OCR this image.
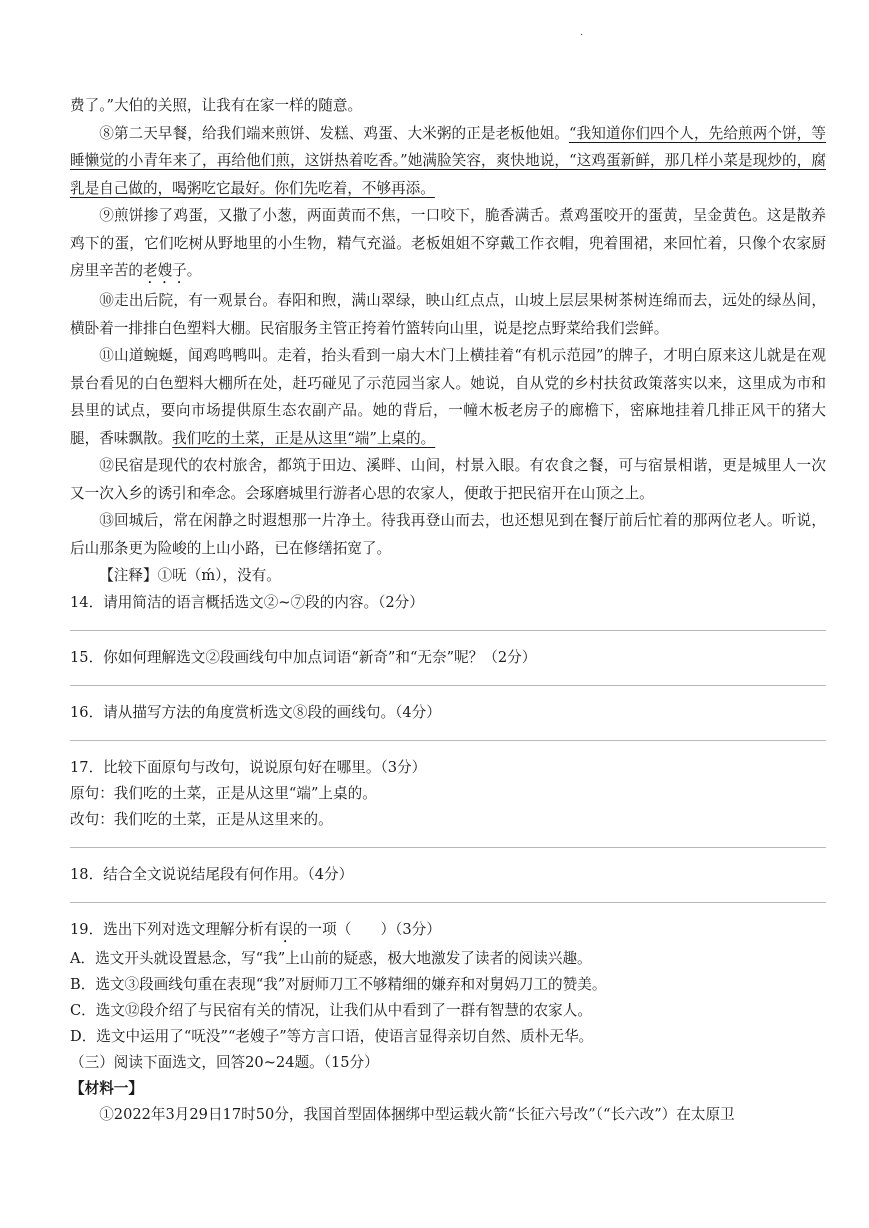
·

费了。”大伯的关照，让我有在家一样的随意。

⑧第二天早餐，给我们端来煎饼、发糕、鸡蛋、大米粥的正是老板他姐。“我知道你们四个人，先给煎两个饼，等睡懒觉的小青年来了，再给他们煎，这饼热着吃香。”她满脸笑容，爽快地说，“这鸡蛋新鲜，那几样小菜是现炒的，腐乳是自己做的，喝粥吃它最好。你们先吃着，不够再添。

⑨煎饼掺了鸡蛋，又撒了小葱，两面黄而不焦，一口咬下，脆香满舌。煮鸡蛋咬开的蛋黄，呈金黄色。这是散养鸡下的蛋，它们吃树从野地里的小生物，精气充溢。老板姐姐不穿戴工作衣帽，兜着围裙，来回忙着，只像个农家厨房里辛苦的老嫂子。

⑩走出后院，有一观景台。春阳和煦，满山翠绿，映山红点点，山坡上层层果树茶树连绵而去，远处的绿丛间，横卧着一排排白色塑料大棚。民宿服务主管正挎着竹篮转向山里，说是挖点野菜给我们尝鲜。

⑪山道蜿蜒，闻鸡鸣鸭叫。走着，抬头看到一扇大木门上横挂着“有机示范园”的牌子，才明白原来这儿就是在观景台看见的白色塑料大棚所在处，赶巧碰见了示范园当家人。她说，自从党的乡村扶贫政策落实以来，这里成为市和县里的试点，要向市场提供原生态农副产品。她的背后，一幢木板老房子的廊檐下，密麻地挂着几排正风干的猪大腿，香味飘散。我们吃的土菜，正是从这里“端”上桌的。

⑫民宿是现代的农村旅舍，都筑于田边、溪畔、山间，村景入眼。有农食之餐，可与宿景相谐，更是城里人一次又一次入乡的诱引和牵念。会琢磨城里行游者心思的农家人，便敢于把民宿开在山顶之上。

⑬回城后，常在闲静之时遐想那一片净土。待我再登山而去，也还想见到在餐厅前后忙着的那两位老人。听说，后山那条更为险峻的上山小路，已在修缮拓宽了。

【注释】①呒（ḿ），没有。

14．请用简洁的语言概括选文②~⑦段的内容。（2分）

15．你如何理解选文②段画线句中加点词语“新奇”和“无奈”呢？（2分）

16．请从描写方法的角度赏析选文⑧段的画线句。（4分）

17．比较下面原句与改句，说说原句好在哪里。（3分）

原句：我们吃的土菜，正是从这里“端”上桌的。

改句：我们吃的土菜，正是从这里来的。

18．结合全文说说结尾段有何作用。（4分）

19．选出下列对选文理解分析有误的一项（　　）（3分）

A．选文开头就设置悬念，写“我”上山前的疑惑，极大地激发了读者的阅读兴趣。

B．选文③段画线句重在表现“我”对厨师刀工不够精细的嫌弃和对舅妈刀工的赞美。

C．选文⑫段介绍了与民宿有关的情况，让我们从中看到了一群有智慧的农家人。

D．选文中运用了“呒没”“老嫂子”等方言口语，使语言显得亲切自然、质朴无华。

（三）阅读下面选文，回答20~24题。（15分）

【材料一】

①2022年3月29日17时50分，我国首型固体捆绑中型运载火箭“长征六号改”（“长六改”）在太原卫
